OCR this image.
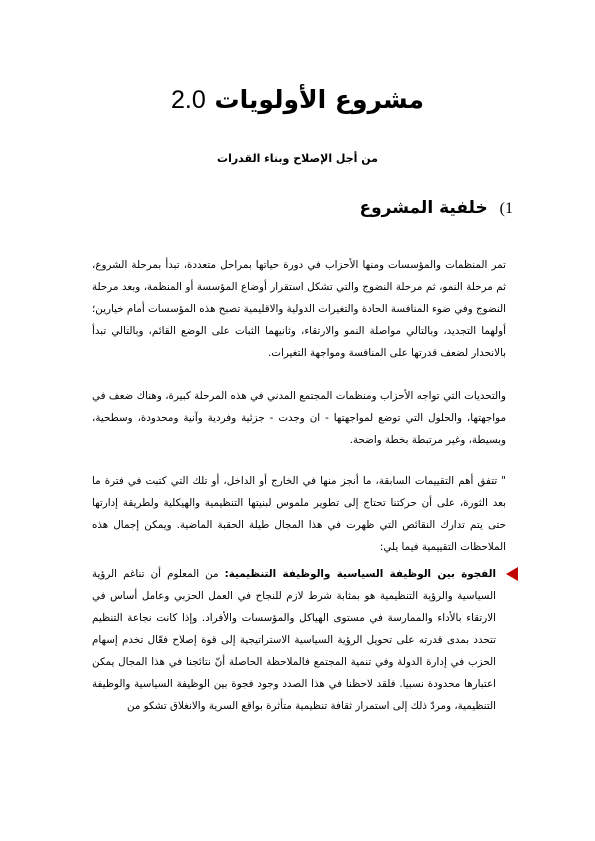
مشروع الأولويات 2.0
من أجل الإصلاح وبناء القدرات
1) خلفية المشروع

تمر المنظمات والمؤسسات ومنها الأحزاب في دورة حياتها بمراحل متعددة، تبدأ بمرحلة الشروع، ثم مرحلة النمو، ثم مرحلة النضوج والتي تشكل استقرار أوضاع المؤسسة أو المنظمة، وبعد مرحلة النضوج وفي ضوء المنافسة الحادة والتغيرات الدولية والاقليمية تصبح هذه المؤسسات أمام خيارين؛ أولهما التجديد، وبالتالي مواصلة النمو والارتقاء، وثانيهما الثبات على الوضع القائم، وبالتالي تبدأ بالانحدار لضعف قدرتها على المنافسة ومواجهة التغيرات.

والتحديات التي تواجه الأحزاب ومنظمات المجتمع المدني في هذه المرحلة كبيرة، وهناك ضعف في مواجهتها، والحلول التي توضع لمواجهتها - ان وجدت - جزئية وفردية وآنية ومحدودة، وسطحية، وبسيطة، وغير مرتبطة بخطة واضحة.

" تتفق أهم التقييمات السابقة، ما أنجز منها في الخارج أو الداخل، أو تلك التي كتبت في فترة ما بعد الثورة، على أن حركتنا تحتاج إلى تطوير ملموس لبنيتها التنظيمية والهيكلية ولطريقة إدارتها حتى يتم تدارك النقائص التي ظهرت في هذا المجال طيلة الحقبة الماضية. ويمكن إجمال هذه الملاحظات التقييمية فيما يلي:

الفجوة بين الوظيفة السياسية والوظيفة التنظيمية: من المعلوم أن تناغم الرؤية السياسية والرؤية التنظيمية هو بمثابة شرط لازم للنجاح في العمل الحزبي وعامل أساس في الارتقاء بالأداء والممارسة في مستوى الهياكل والمؤسسات والأفراد. وإذا كانت نجاعة التنظيم تتحدد بمدى قدرته على تحويل الرؤية السياسية الاستراتيجية إلى قوة إصلاح فعّال تخدم إسهام الحزب في إدارة الدولة وفي تنمية المجتمع فالملاحظة الحاصلة أنّ نتائجنا في هذا المجال يمكن اعتبارها محدودة نسبيا. فلقد لاحظنا في هذا الصدد وجود فجوة بين الوظيفة السياسية والوظيفة التنظيمية، ومردّ ذلك إلى استمرار ثقافة تنظيمية متأثرة بواقع السرية والانغلاق تشكو من
